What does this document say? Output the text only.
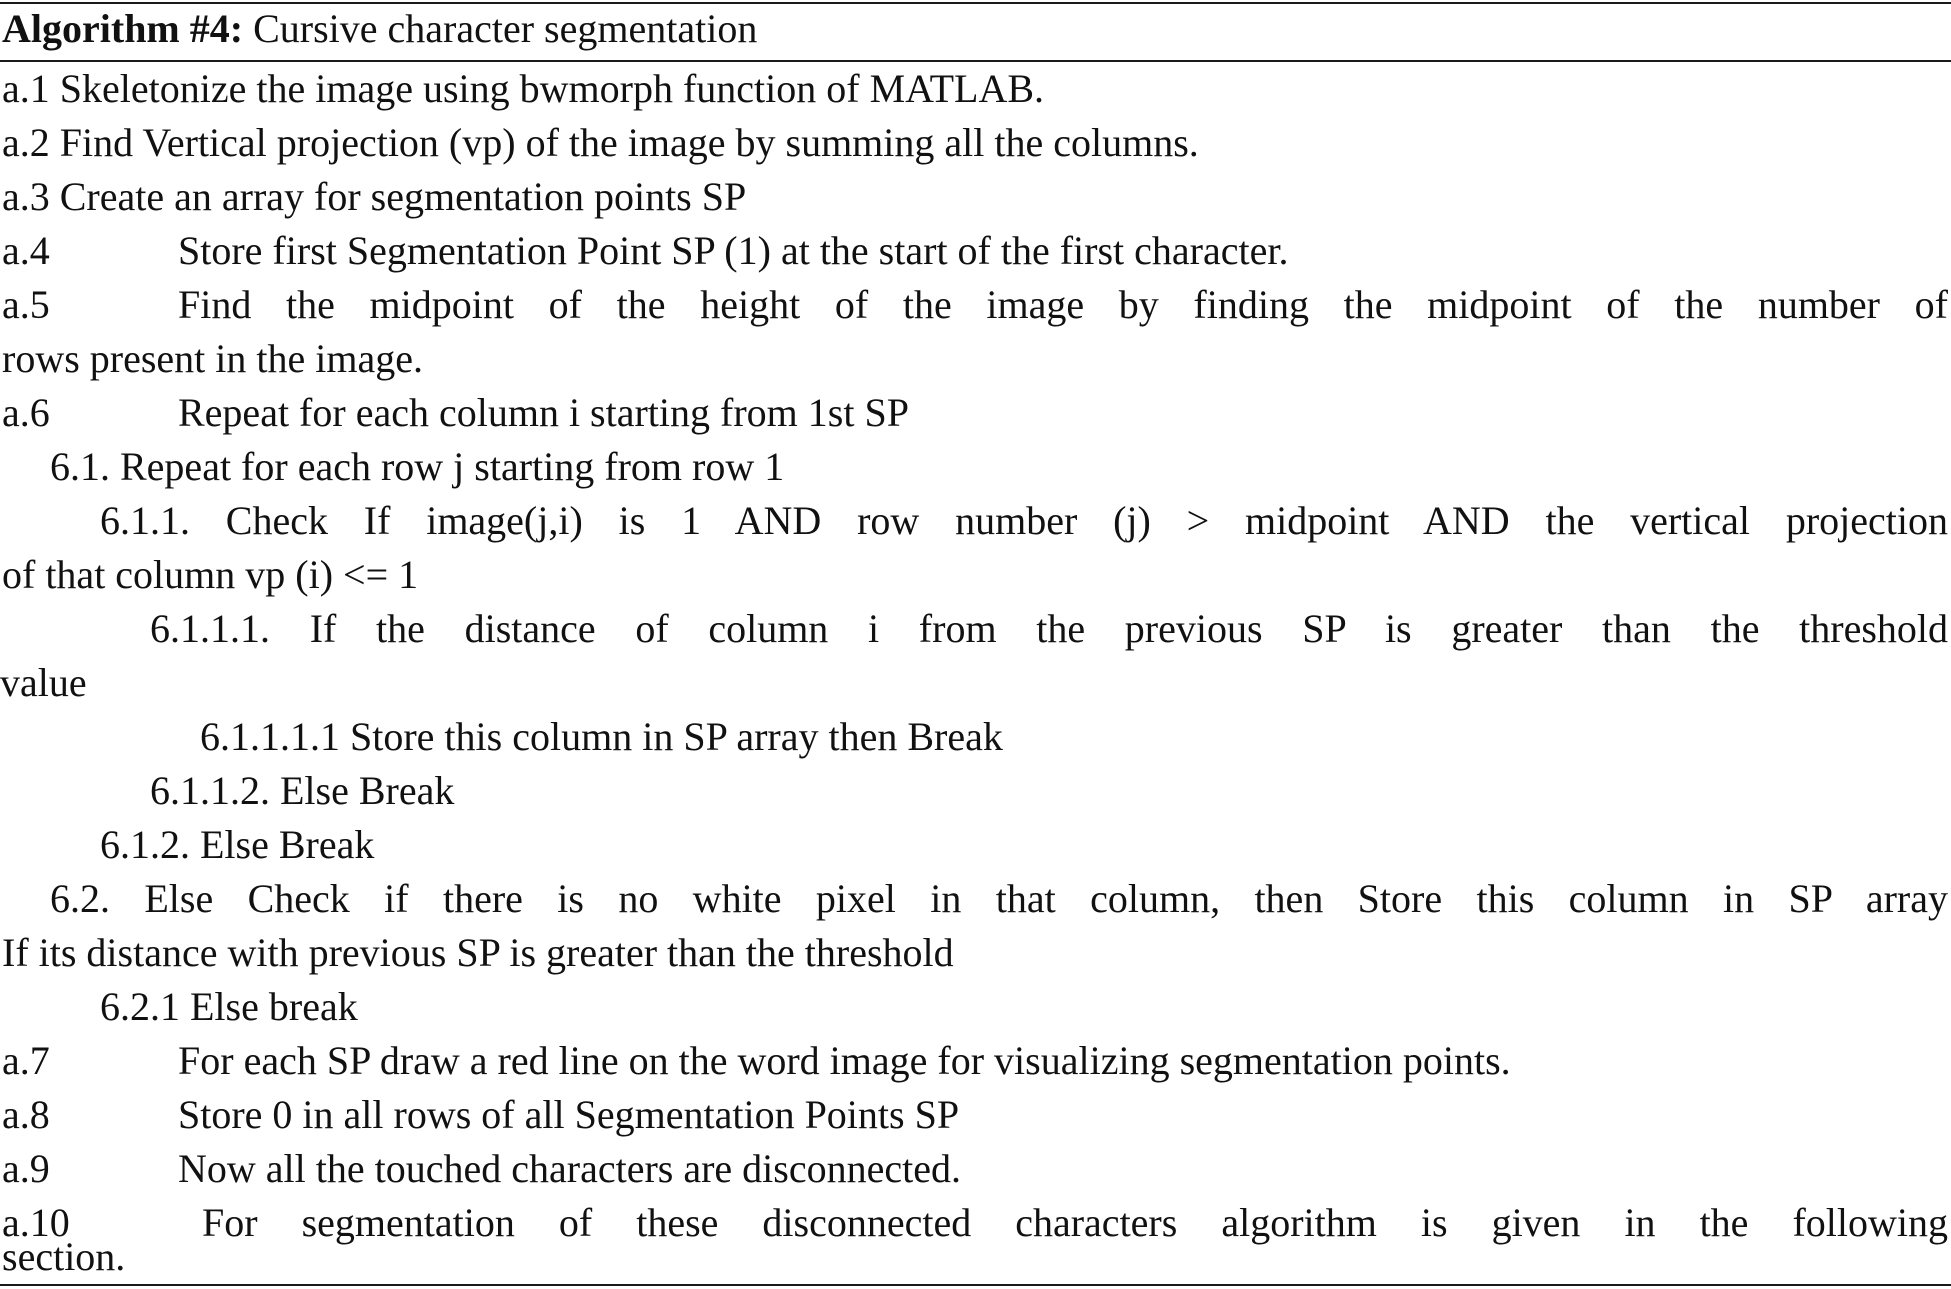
Algorithm #4: Cursive character segmentation
a.1 Skeletonize the image using bwmorph function of MATLAB.
a.2 Find Vertical projection (vp) of the image by summing all the columns.
a.3 Create an array for segmentation points SP
a.4	Store first Segmentation Point SP (1) at the start of the first character.
a.5	Find the midpoint of the height of the image by finding the midpoint of the number of
rows present in the image.
a.6	Repeat for each column i starting from 1st SP
6.1. Repeat for each row j starting from row 1
6.1.1. Check If image(j,i) is 1 AND row number (j) > midpoint AND the vertical projection
of that column vp (i) <= 1
6.1.1.1. If the distance of column i from the previous SP is greater than the threshold
value
6.1.1.1.1 Store this column in SP array then Break
6.1.1.2. Else Break
6.1.2. Else Break
6.2. Else Check if there is no white pixel in that column, then Store this column in SP array
If its distance with previous SP is greater than the threshold
6.2.1 Else break
a.7	For each SP draw a red line on the word image for visualizing segmentation points.
a.8	Store 0 in all rows of all Segmentation Points SP
a.9	Now all the touched characters are disconnected.
a.10	For segmentation of these disconnected characters algorithm is given in the following
section.
